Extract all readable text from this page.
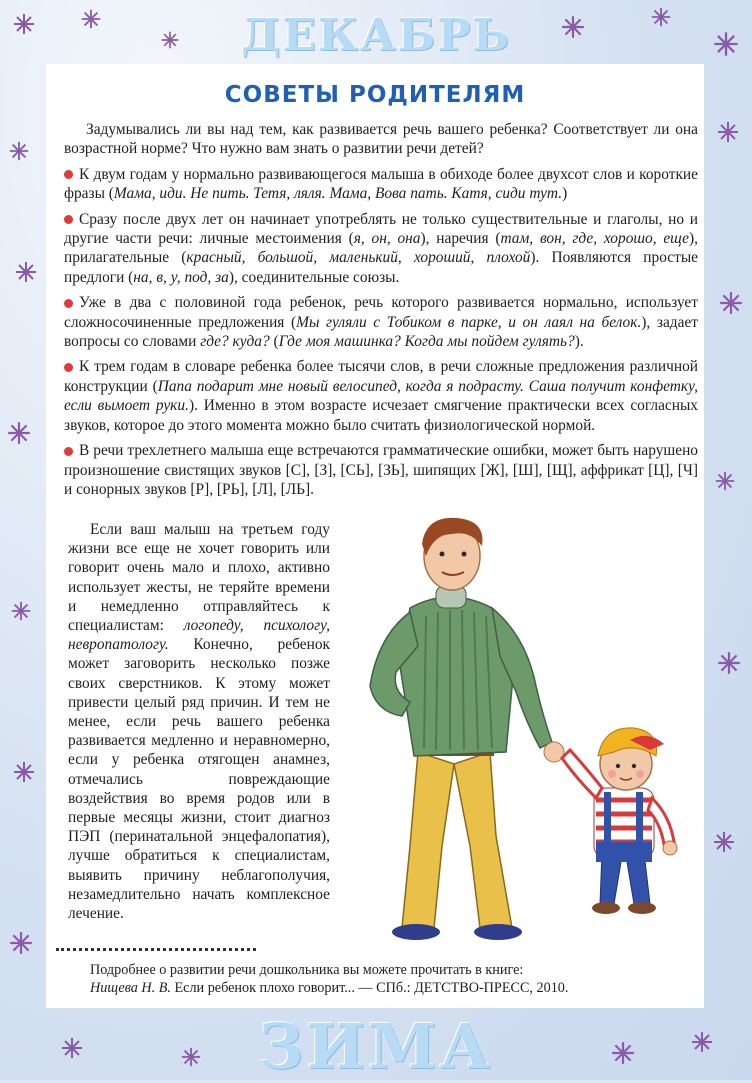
ДЕКАБРЬ
СОВЕТЫ РОДИТЕЛЯМ

Задумывались ли вы над тем, как развивается речь вашего ребенка? Соответствует ли она возрастной норме? Что нужно вам знать о развитии речи детей?

К двум годам у нормально развивающегося малыша в обиходе более двухсот слов и короткие фразы (Мама, иди. Не пить. Тетя, ляля. Мама, Вова пать. Катя, сиди тут.)

Сразу после двух лет он начинает употреблять не только существительные и глаголы, но и другие части речи: личные местоимения (я, он, она), наречия (там, вон, где, хорошо, еще), прилагательные (красный, большой, маленький, хороший, плохой). Появляются простые предлоги (на, в, у, под, за), соединительные союзы.

Уже в два с половиной года ребенок, речь которого развивается нормально, использует сложносочиненные предложения (Мы гуляли с Тобиком в парке, и он лаял на белок.), задает вопросы со словами где? куда? (Где моя машинка? Когда мы пойдем гулять?).

К трем годам в словаре ребенка более тысячи слов, в речи сложные предложения различной конструкции (Папа подарит мне новый велосипед, когда я подрасту. Саша получит конфетку, если вымоет руки.). Именно в этом возрасте исчезает смягчение практически всех согласных звуков, которое до этого момента можно было считать физиологической нормой.

В речи трехлетнего малыша еще встречаются грамматические ошибки, может быть нарушено произношение свистящих звуков [С], [З], [СЬ], [ЗЬ], шипящих [Ж], [Ш], [Щ], аффрикат [Ц], [Ч] и сонорных звуков [Р], [РЬ], [Л], [ЛЬ].

Если ваш малыш на третьем году жизни все еще не хочет говорить или говорит очень мало и плохо, активно использует жесты, не теряйте времени и немедленно отправляйтесь к специалистам: логопеду, психологу, невропатологу. Конечно, ребенок может заговорить несколько позже своих сверстников. К этому может привести целый ряд причин. И тем не менее, если речь вашего ребенка развивается медленно и неравномерно, если у ребенка отягощен анамнез, отмечались повреждающие воздействия во время родов или в первые месяцы жизни, стоит диагноз ПЭП (перинатальной энцефалопатия), лучше обратиться к специалистам, выявить причину неблагополучия, незамедлительно начать комплексное лечение.
Подробнее о развитии речи дошкольника вы можете прочитать в книге:
Нищева Н. В. Если ребенок плохо говорит... — СПб.: ДЕТСТВО-ПРЕСС, 2010.
ЗИМА
